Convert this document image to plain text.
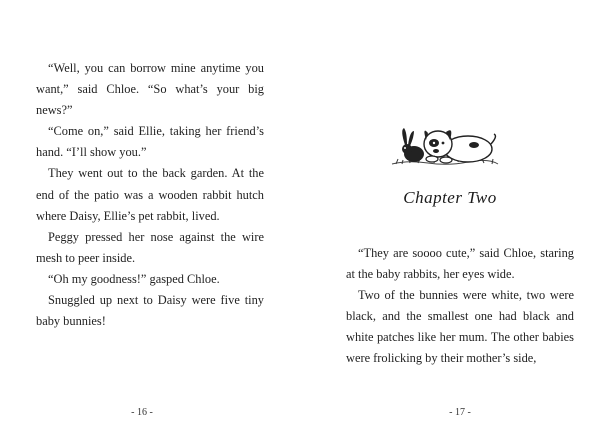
“Well, you can borrow mine anytime you want,” said Chloe. “So what’s your big news?”

“Come on,” said Ellie, taking her friend’s hand. “I’ll show you.”

They went out to the back garden. At the end of the patio was a wooden rabbit hutch where Daisy, Ellie’s pet rabbit, lived.

Peggy pressed her nose against the wire mesh to peer inside.

“Oh my goodness!” gasped Chloe.

Snuggled up next to Daisy were five tiny baby bunnies!

- 16 -
Chapter Two

“They are soooo cute,” said Chloe, staring at the baby rabbits, her eyes wide.

Two of the bunnies were white, two were black, and the smallest one had black and white patches like her mum. The other babies were frolicking by their mother’s side,

- 17 -
